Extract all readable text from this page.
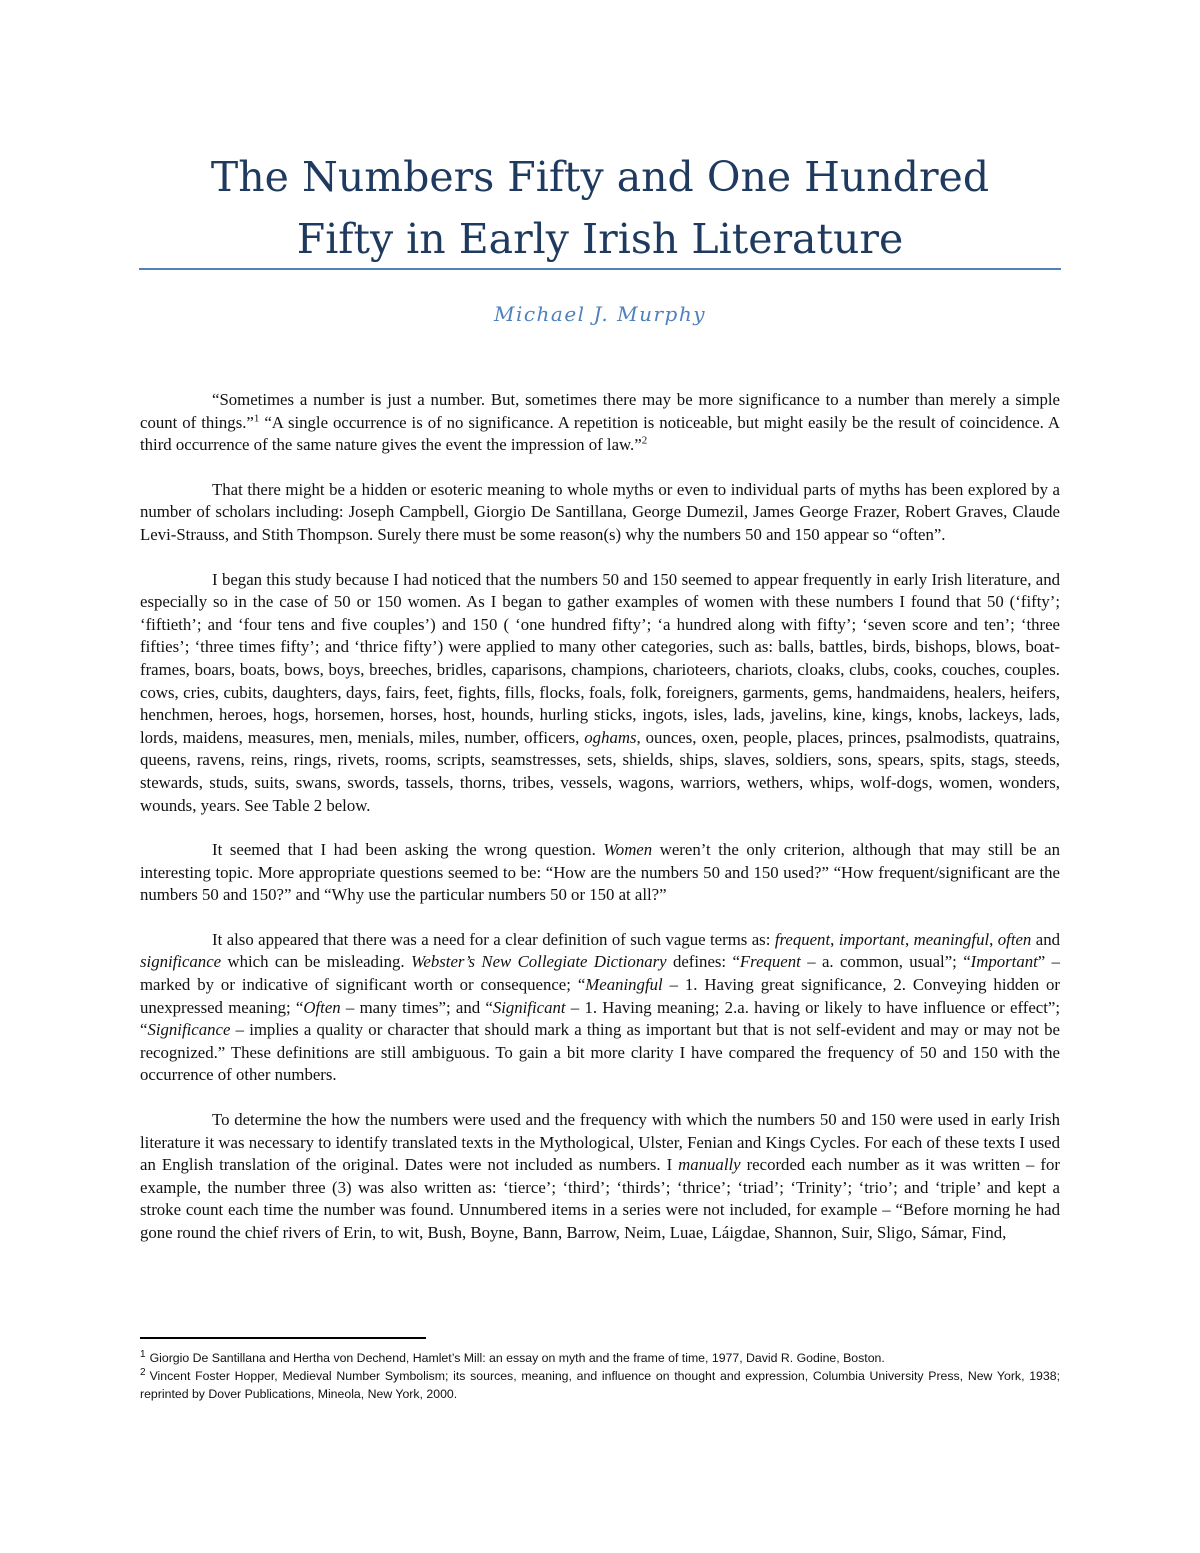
The Numbers Fifty and One Hundred
Fifty in Early Irish Literature
Michael J. Murphy

“Sometimes a number is just a number. But, sometimes there may be more significance to a number than merely a simple count of things.”$^1$ “A single occurrence is of no significance. A repetition is noticeable, but might easily be the result of coincidence. A third occurrence of the same nature gives the event the impression of law.”$^2$

That there might be a hidden or esoteric meaning to whole myths or even to individual parts of myths has been explored by a number of scholars including: Joseph Campbell, Giorgio De Santillana, George Dumezil, James George Frazer, Robert Graves, Claude Levi-Strauss, and Stith Thompson. Surely there must be some reason(s) why the numbers 50 and 150 appear so “often”.

I began this study because I had noticed that the numbers 50 and 150 seemed to appear frequently in early Irish literature, and especially so in the case of 50 or 150 women. As I began to gather examples of women with these numbers I found that 50 (‘fifty’; ‘fiftieth’; and ‘four tens and five couples’) and 150 ( ‘one hundred fifty’; ‘a hundred along with fifty’; ‘seven score and ten’; ‘three fifties’; ‘three times fifty’; and ‘thrice fifty’) were applied to many other categories, such as: balls, battles, birds, bishops, blows, boat-frames, boars, boats, bows, boys, breeches, bridles, caparisons, champions, charioteers, chariots, cloaks, clubs, cooks, couches, couples. cows, cries, cubits, daughters, days, fairs, feet, fights, fills, flocks, foals, folk, foreigners, garments, gems, handmaidens, healers, heifers, henchmen, heroes, hogs, horsemen, horses, host, hounds, hurling sticks, ingots, isles, lads, javelins, kine, kings, knobs, lackeys, lads, lords, maidens, measures, men, menials, miles, number, officers, oghams, ounces, oxen, people, places, princes, psalmodists, quatrains, queens, ravens, reins, rings, rivets, rooms, scripts, seamstresses, sets, shields, ships, slaves, soldiers, sons, spears, spits, stags, steeds, stewards, studs, suits, swans, swords, tassels, thorns, tribes, vessels, wagons, warriors, wethers, whips, wolf-dogs, women, wonders, wounds, years. See Table 2 below.

It seemed that I had been asking the wrong question. Women weren’t the only criterion, although that may still be an interesting topic. More appropriate questions seemed to be: “How are the numbers 50 and 150 used?” “How frequent/significant are the numbers 50 and 150?” and “Why use the particular numbers 50 or 150 at all?”

It also appeared that there was a need for a clear definition of such vague terms as: frequent, important, meaningful, often and significance which can be misleading. Webster’s New Collegiate Dictionary defines: “Frequent – a. common, usual”; “Important” – marked by or indicative of significant worth or consequence; “Meaningful – 1. Having great significance, 2. Conveying hidden or unexpressed meaning; “Often – many times”; and “Significant – 1. Having meaning; 2.a. having or likely to have influence or effect”; “Significance – implies a quality or character that should mark a thing as important but that is not self-evident and may or may not be recognized.” These definitions are still ambiguous. To gain a bit more clarity I have compared the frequency of 50 and 150 with the occurrence of other numbers.

To determine the how the numbers were used and the frequency with which the numbers 50 and 150 were used in early Irish literature it was necessary to identify translated texts in the Mythological, Ulster, Fenian and Kings Cycles. For each of these texts I used an English translation of the original. Dates were not included as numbers. I manually recorded each number as it was written – for example, the number three (3) was also written as: ‘tierce’; ‘third’; ‘thirds’; ‘thrice’; ‘triad’; ‘Trinity’; ‘trio’; and ‘triple’ and kept a stroke count each time the number was found. Unnumbered items in a series were not included, for example – “Before morning he had gone round the chief rivers of Erin, to wit, Bush, Boyne, Bann, Barrow, Neim, Luae, Láigdae, Shannon, Suir, Sligo, Sámar, Find,

$^1$ Giorgio De Santillana and Hertha von Dechend, Hamlet’s Mill: an essay on myth and the frame of time, 1977, David R. Godine, Boston.

$^2$ Vincent Foster Hopper, Medieval Number Symbolism; its sources, meaning, and influence on thought and expression, Columbia University Press, New York, 1938; reprinted by Dover Publications, Mineola, New York, 2000.
